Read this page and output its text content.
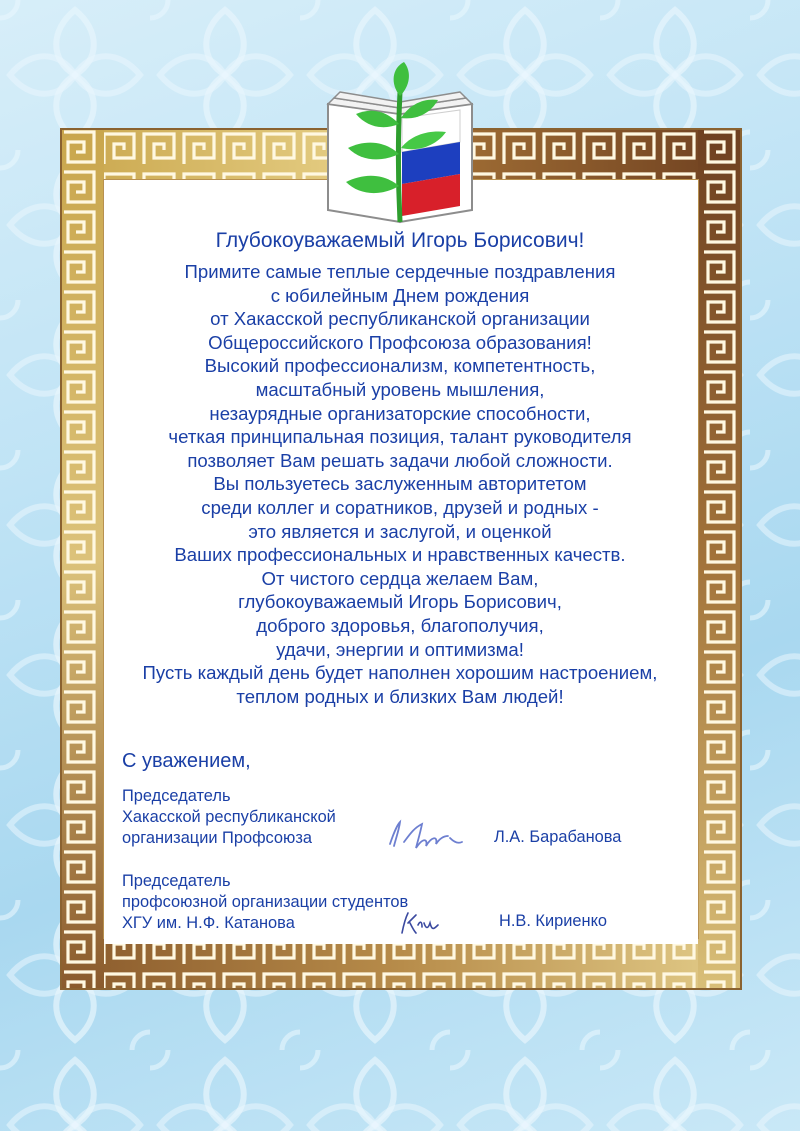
Глубокоуважаемый Игорь Борисович!
Примите самые теплые сердечные поздравления
с юбилейным Днем рождения
от Хакасской республиканской организации
Общероссийского Профсоюза образования!
Высокий профессионализм, компетентность,
масштабный уровень мышления,
незаурядные организаторские способности,
четкая принципальная позиция, талант руководителя
позволяет Вам решать задачи любой сложности.
Вы пользуетесь заслуженным авторитетом
среди коллег и соратников, друзей и родных -
это является и заслугой, и оценкой
Ваших профессиональных и нравственных качеств.
От чистого сердца желаем Вам,
глубокоуважаемый Игорь Борисович,
доброго здоровья, благополучия,
удачи, энергии и оптимизма!
Пусть каждый день будет наполнен хорошим настроением,
теплом родных и близких Вам людей!
С уважением,
Председатель
Хакасской республиканской
организации Профсоюза	Л.А. Барабанова
Председатель
профсоюзной организации студентов
ХГУ им. Н.Ф. Катанова	Н.В. Кириенко
